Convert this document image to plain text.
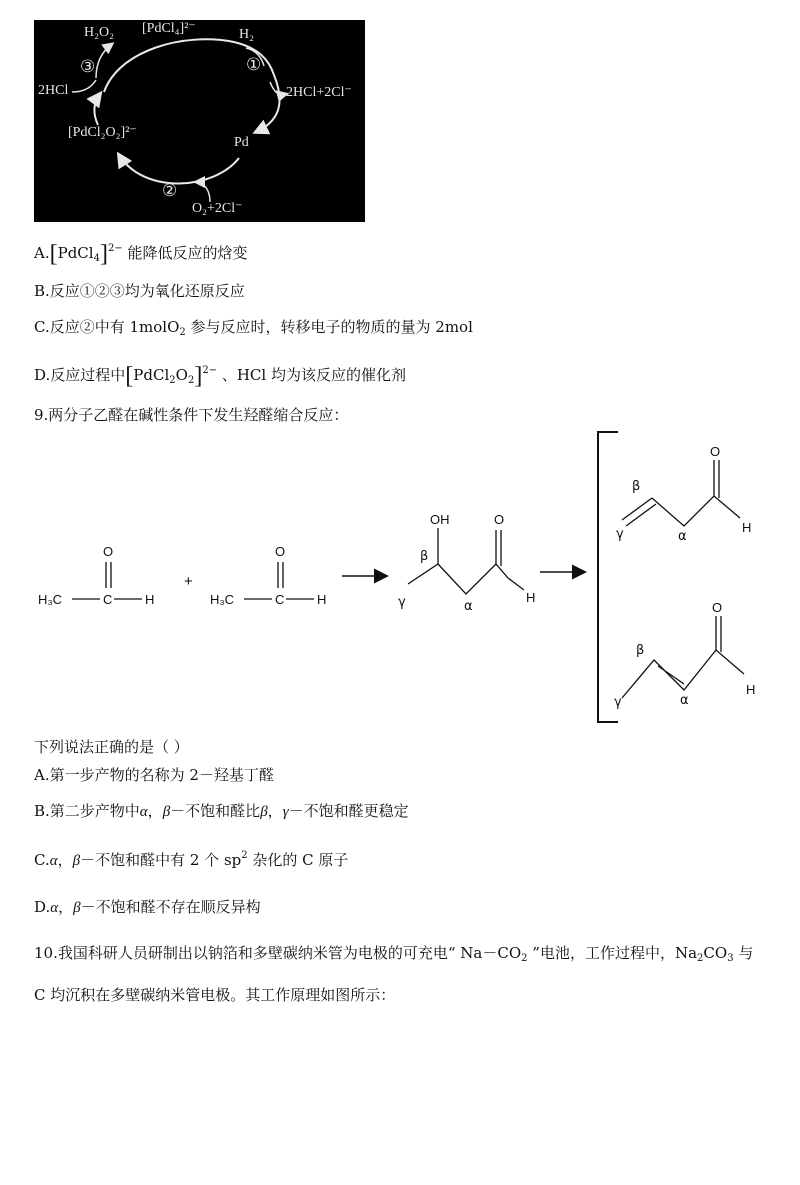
H₂O₂ [PdCl₄]²⁻	H₂
①
2HCl+2Cl⁻
Pd
②
O₂+2Cl⁻
[PdCl₂O₂]²⁻
2HCl
③
A.[PdCl$_4$]$^{2-}$ 能降低反应的焓变
B.反应①②③均为氧化还原反应
C.反应②中有 1molO$_2$ 参与反应时，转移电子的物质的量为 2mol
D.反应过程中$[PdCl_2O_2]^{2-}$ 、HCl 均为该反应的催化剂
9.两分子乙醛在碱性条件下发生羟醛缩合反应：
H₃C	C	H
O
+
H₃C	C	H
O
OH	O
H
β
α
γ
O
H
β
α
γ
O
H
β
α
γ
下列说法正确的是（ ）
A.第一步产物的名称为 2－羟基丁醛
B.第二步产物中α，β－不饱和醛比β，γ－不饱和醛更稳定
C.α，β－不饱和醛中有 2 个 $sp^2$ 杂化的 C 原子
D.α，β－不饱和醛不存在顺反异构
10.我国科研人员研制出以钠箔和多壁碳纳米管为电极的可充电“ $Na-CO_2$ ”电池，工作过程中，$Na_2CO_3$ 与
C 均沉积在多壁碳纳米管电极。其工作原理如图所示：
